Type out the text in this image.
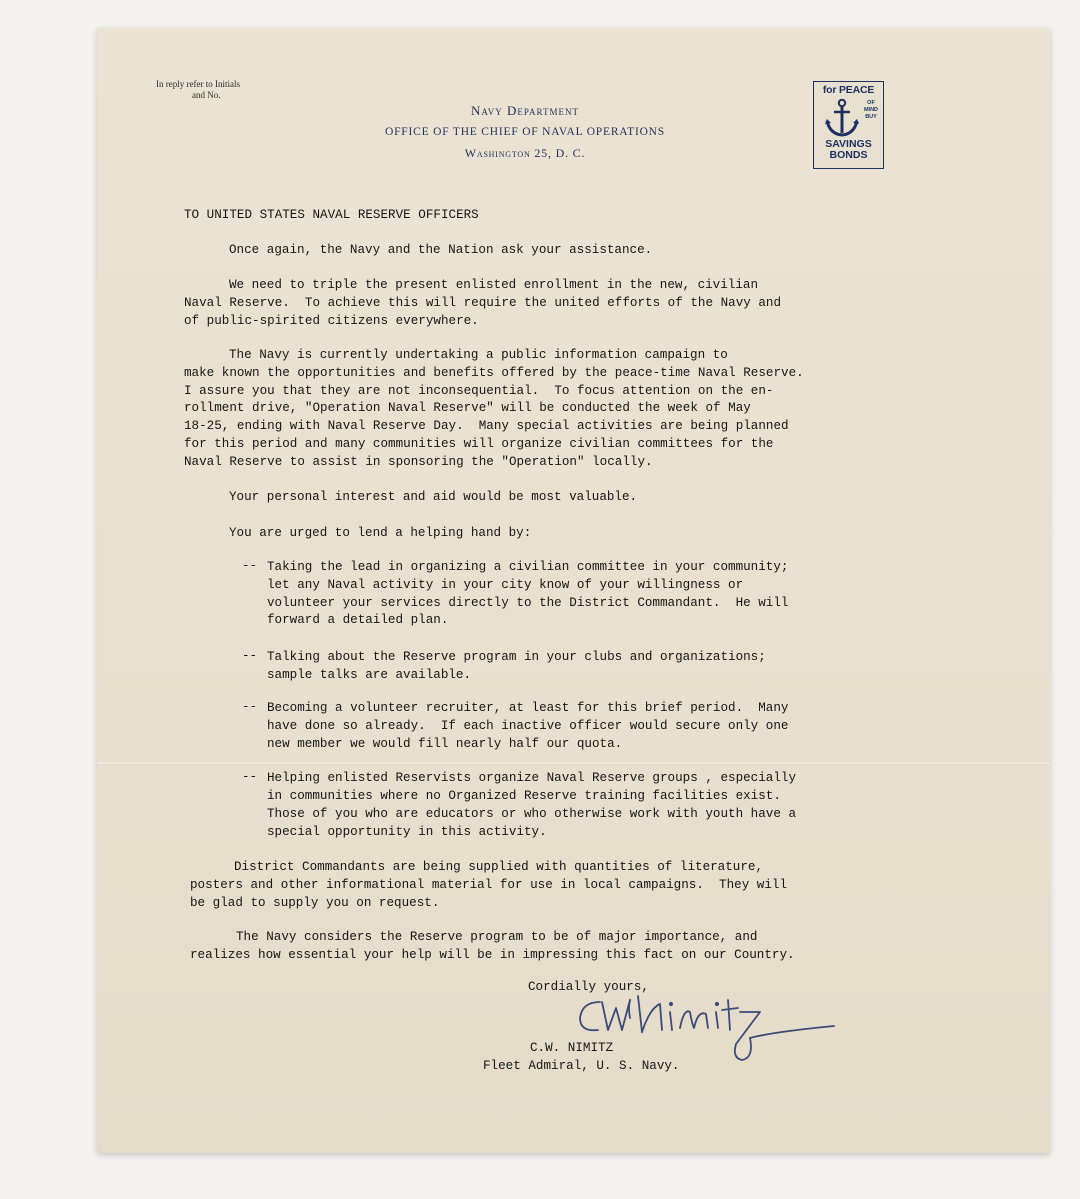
In reply refer to Initials

and No.

Navy Department

OFFICE OF THE CHIEF OF NAVAL OPERATIONS

Washington 25, D. C.

for PEACE
OF MIND BUY
SAVINGS
BONDS

TO UNITED STATES NAVAL RESERVE OFFICERS

Once again, the Navy and the Nation ask your assistance.

We need to triple the present enlisted enrollment in the new, civilian

Naval Reserve.  To achieve this will require the united efforts of the Navy and

of public-spirited citizens everywhere.

The Navy is currently undertaking a public information campaign to

make known the opportunities and benefits offered by the peace-time Naval Reserve.

I assure you that they are not inconsequential.  To focus attention on the en-

rollment drive, "Operation Naval Reserve" will be conducted the week of May

18-25, ending with Naval Reserve Day.  Many special activities are being planned

for this period and many communities will organize civilian committees for the

Naval Reserve to assist in sponsoring the "Operation" locally.

Your personal interest and aid would be most valuable.

You are urged to lend a helping hand by:

-- Taking the lead in organizing a civilian committee in your community;

let any Naval activity in your city know of your willingness or

volunteer your services directly to the District Commandant.  He will

forward a detailed plan.

-- Talking about the Reserve program in your clubs and organizations;

sample talks are available.

-- Becoming a volunteer recruiter, at least for this brief period.  Many

have done so already.  If each inactive officer would secure only one

new member we would fill nearly half our quota.

-- Helping enlisted Reservists organize Naval Reserve groups , especially

in communities where no Organized Reserve training facilities exist.

Those of you who are educators or who otherwise work with youth have a

special opportunity in this activity.

District Commandants are being supplied with quantities of literature,

posters and other informational material for use in local campaigns.  They will

be glad to supply you on request.

The Navy considers the Reserve program to be of major importance, and

realizes how essential your help will be in impressing this fact on our Country.

Cordially yours,

C.W. NIMITZ

Fleet Admiral, U. S. Navy.
